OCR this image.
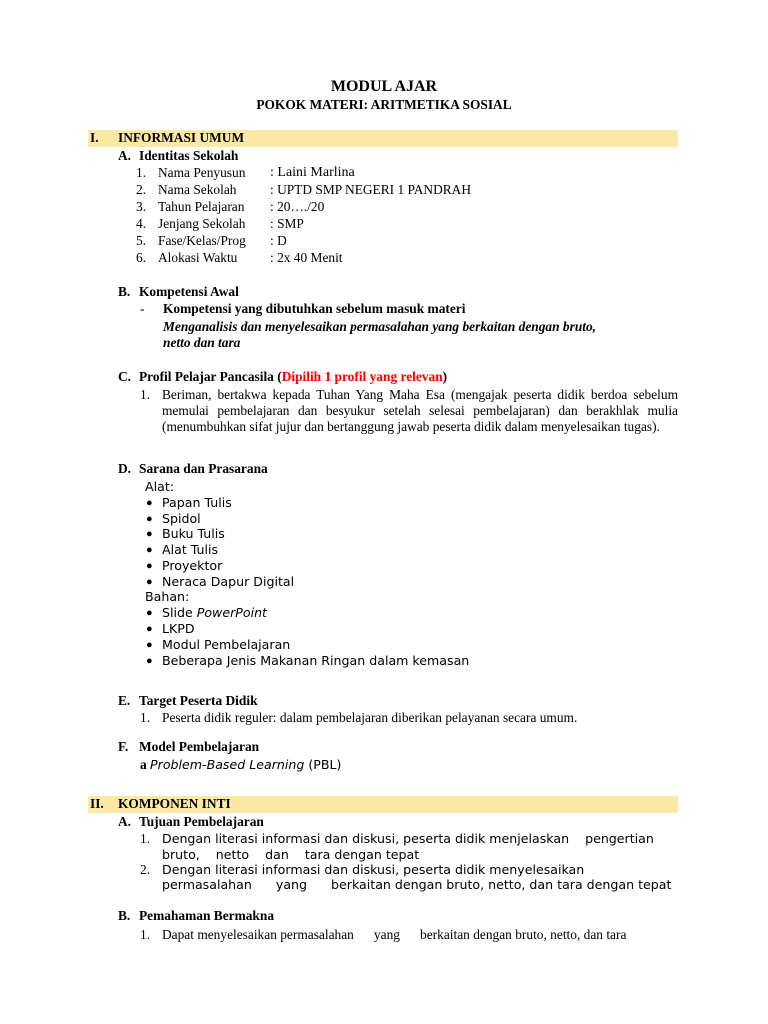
MODUL AJAR
POKOK MATERI: ARITMETIKA SOSIAL
I. INFORMASI UMUM
A. Identitas Sekolah
1. Nama Penyusun : Laini Marlina
2. Nama Sekolah	: UPTD SMP NEGERI 1 PANDRAH
3. Tahun Pelajaran : 20…./20
4. Jenjang Sekolah : SMP
5. Fase/Kelas/Prog : D
6. Alokasi Waktu : 2x 40 Menit
B. Kompetensi Awal
- Kompetensi yang dibutuhkan sebelum masuk materi
Menganalisis dan menyelesaikan permasalahan yang berkaitan dengan bruto,
netto dan tara
C. Profil Pelajar Pancasila (Dipilih 1 profil yang relevan)
1. Beriman, bertakwa kepada Tuhan Yang Maha Esa (mengajak peserta didik berdoa sebelum memulai pembelajaran dan besyukur setelah selesai pembelajaran) dan berakhlak mulia (menumbuhkan sifat jujur dan bertanggung jawab peserta didik dalam menyelesaikan tugas).
D. Sarana dan Prasarana
Alat:
● Papan Tulis
● Spidol
● Buku Tulis
● Alat Tulis
● Proyektor
● Neraca Dapur Digital
Bahan:
● Slide PowerPoint
● LKPD
● Modul Pembelajaran
● Beberapa Jenis Makanan Ringan dalam kemasan
E. Target Peserta Didik
1. Peserta didik reguler: dalam pembelajaran diberikan pelayanan secara umum.
F. Model Pembelajaran
a Problem-Based Learning (PBL)
II. KOMPONEN INTI
A. Tujuan Pembelajaran
1. Dengan literasi informasi dan diskusi, peserta didik menjelaskan    pengertian
bruto,    netto    dan    tara dengan tepat
2. Dengan literasi informasi dan diskusi, peserta didik menyelesaikan
permasalahan      yang      berkaitan dengan bruto, netto, dan tara dengan tepat
B. Pemahaman Bermakna
1. Dapat menyelesaikan permasalahan      yang      berkaitan dengan bruto, netto, dan tara
